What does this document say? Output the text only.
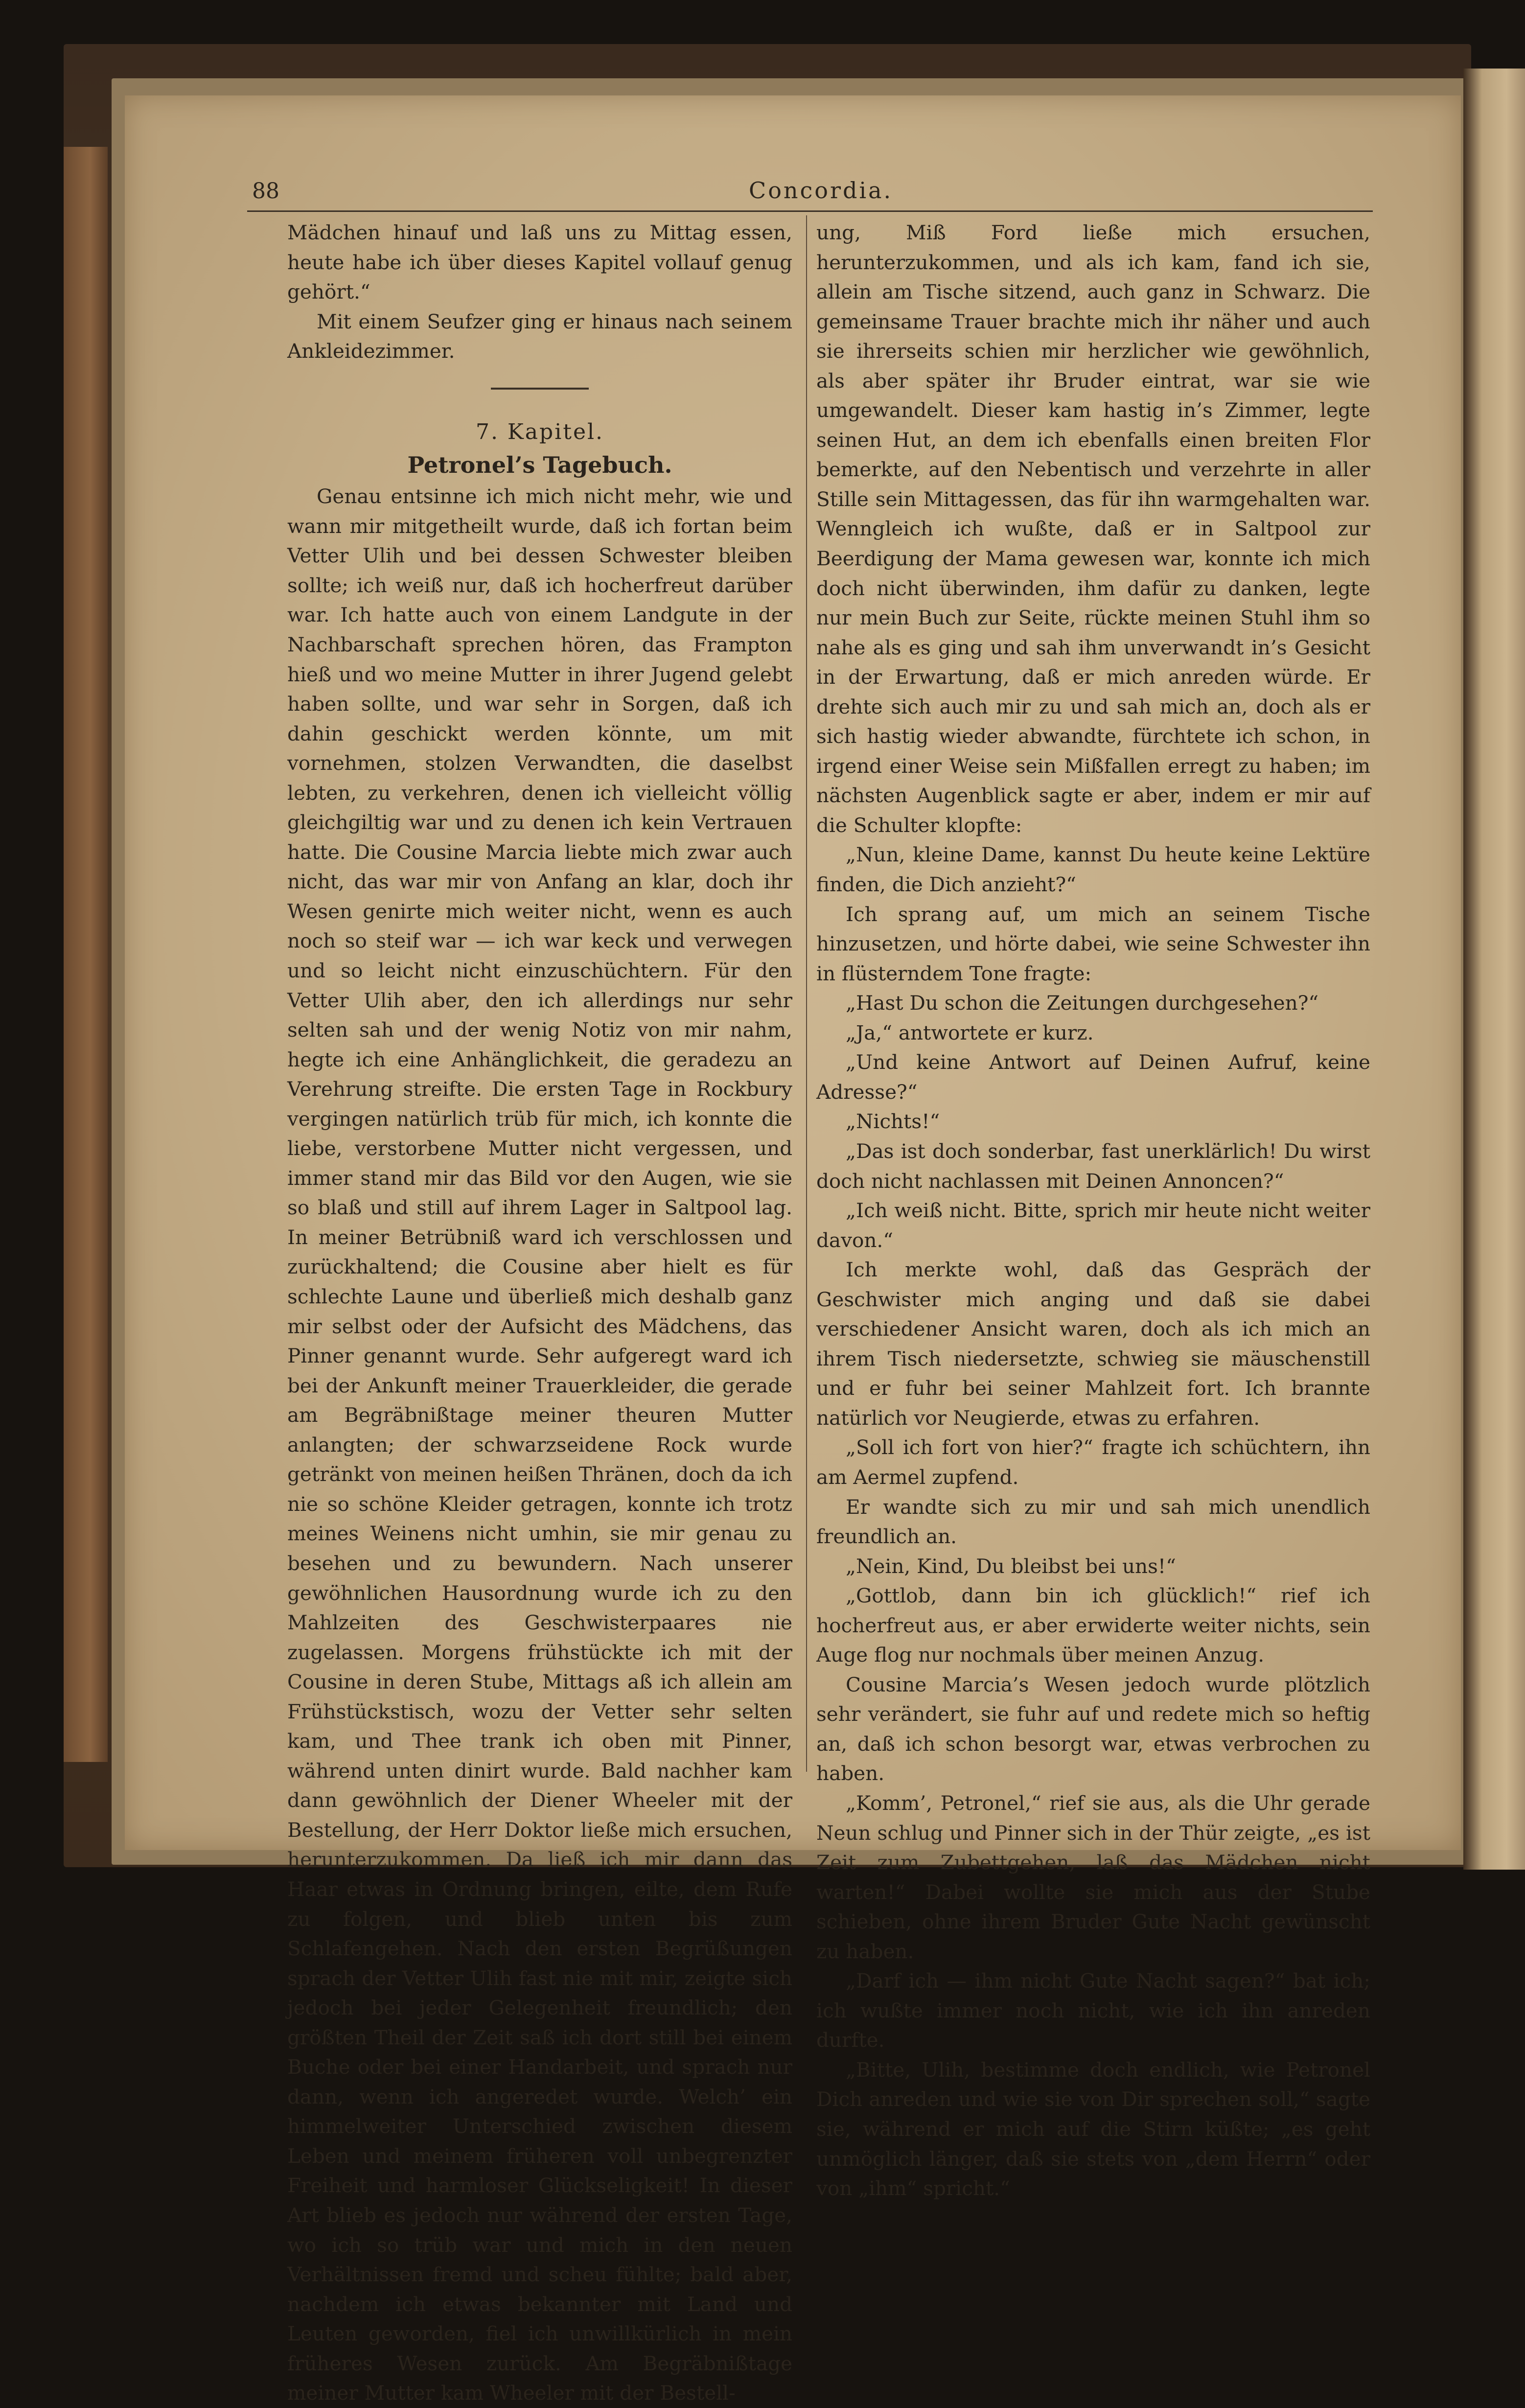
88	Concordia.

Mädchen hinauf und laß uns zu Mittag essen, heute habe ich über dieses Kapitel vollauf genug gehört.“

Mit einem Seufzer ging er hinaus nach seinem Ankleidezimmer.

7. Kapitel.

Petronel’s Tagebuch.

Genau entsinne ich mich nicht mehr, wie und wann mir mitgetheilt wurde, daß ich fortan beim Vetter Ulih und bei dessen Schwester bleiben sollte; ich weiß nur, daß ich hocherfreut darüber war. Ich hatte auch von einem Landgute in der Nachbarschaft sprechen hören, das Frampton hieß und wo meine Mutter in ihrer Jugend gelebt haben sollte, und war sehr in Sorgen, daß ich dahin geschickt werden könnte, um mit vornehmen, stolzen Verwandten, die daselbst lebten, zu verkehren, denen ich vielleicht völlig gleichgiltig war und zu denen ich kein Vertrauen hatte. Die Cousine Marcia liebte mich zwar auch nicht, das war mir von Anfang an klar, doch ihr Wesen genirte mich weiter nicht, wenn es auch noch so steif war — ich war keck und verwegen und so leicht nicht einzuschüchtern. Für den Vetter Ulih aber, den ich allerdings nur sehr selten sah und der wenig Notiz von mir nahm, hegte ich eine Anhänglichkeit, die geradezu an Verehrung streifte. Die ersten Tage in Rockbury vergingen natürlich trüb für mich, ich konnte die liebe, verstorbene Mutter nicht vergessen, und immer stand mir das Bild vor den Augen, wie sie so blaß und still auf ihrem Lager in Saltpool lag. In meiner Betrübniß ward ich verschlossen und zurückhaltend; die Cousine aber hielt es für schlechte Laune und überließ mich deshalb ganz mir selbst oder der Aufsicht des Mädchens, das Pinner genannt wurde. Sehr aufgeregt ward ich bei der Ankunft meiner Trauerkleider, die gerade am Begräbnißtage meiner theuren Mutter anlangten; der schwarzseidene Rock wurde getränkt von meinen heißen Thränen, doch da ich nie so schöne Kleider getragen, konnte ich trotz meines Weinens nicht umhin, sie mir genau zu besehen und zu bewundern. Nach unserer gewöhnlichen Hausordnung wurde ich zu den Mahlzeiten des Geschwisterpaares nie zugelassen. Morgens frühstückte ich mit der Cousine in deren Stube, Mittags aß ich allein am Frühstückstisch, wozu der Vetter sehr selten kam, und Thee trank ich oben mit Pinner, während unten dinirt wurde. Bald nachher kam dann gewöhnlich der Diener Wheeler mit der Bestellung, der Herr Doktor ließe mich ersuchen, herunterzukommen. Da ließ ich mir dann das Haar etwas in Ordnung bringen, eilte, dem Rufe zu folgen, und blieb unten bis zum Schlafengehen. Nach den ersten Begrüßungen sprach der Vetter Ulih fast nie mit mir, zeigte sich jedoch bei jeder Gelegenheit freundlich; den größten Theil der Zeit saß ich dort still bei einem Buche oder bei einer Handarbeit, und sprach nur dann, wenn ich angeredet wurde. Welch’ ein himmelweiter Unterschied zwischen diesem Leben und meinem früheren voll unbegrenzter Freiheit und harmloser Glückseligkeit! In dieser Art blieb es jedoch nur während der ersten Tage, wo ich so trüb war und mich in den neuen Verhältnissen fremd und scheu fühlte; bald aber, nachdem ich etwas bekannter mit Land und Leuten geworden, fiel ich unwillkürlich in mein früheres Wesen zurück. Am Begräbnißtage meiner Mutter kam Wheeler mit der Bestell-

ung, Miß Ford ließe mich ersuchen, herunterzukommen, und als ich kam, fand ich sie, allein am Tische sitzend, auch ganz in Schwarz. Die gemeinsame Trauer brachte mich ihr näher und auch sie ihrerseits schien mir herzlicher wie gewöhnlich, als aber später ihr Bruder eintrat, war sie wie umgewandelt. Dieser kam hastig in’s Zimmer, legte seinen Hut, an dem ich ebenfalls einen breiten Flor bemerkte, auf den Nebentisch und verzehrte in aller Stille sein Mittagessen, das für ihn warmgehalten war. Wenngleich ich wußte, daß er in Saltpool zur Beerdigung der Mama gewesen war, konnte ich mich doch nicht überwinden, ihm dafür zu danken, legte nur mein Buch zur Seite, rückte meinen Stuhl ihm so nahe als es ging und sah ihm unverwandt in’s Gesicht in der Erwartung, daß er mich anreden würde. Er drehte sich auch mir zu und sah mich an, doch als er sich hastig wieder abwandte, fürchtete ich schon, in irgend einer Weise sein Mißfallen erregt zu haben; im nächsten Augenblick sagte er aber, indem er mir auf die Schulter klopfte:

„Nun, kleine Dame, kannst Du heute keine Lektüre finden, die Dich anzieht?“

Ich sprang auf, um mich an seinem Tische hinzusetzen, und hörte dabei, wie seine Schwester ihn in flüsterndem Tone fragte:

„Hast Du schon die Zeitungen durchgesehen?“

„Ja,“ antwortete er kurz.

„Und keine Antwort auf Deinen Aufruf, keine Adresse?“

„Nichts!“

„Das ist doch sonderbar, fast unerklärlich! Du wirst doch nicht nachlassen mit Deinen Annoncen?“

„Ich weiß nicht. Bitte, sprich mir heute nicht weiter davon.“

Ich merkte wohl, daß das Gespräch der Geschwister mich anging und daß sie dabei verschiedener Ansicht waren, doch als ich mich an ihrem Tisch niedersetzte, schwieg sie mäuschenstill und er fuhr bei seiner Mahlzeit fort. Ich brannte natürlich vor Neugierde, etwas zu erfahren.

„Soll ich fort von hier?“ fragte ich schüchtern, ihn am Aermel zupfend.

Er wandte sich zu mir und sah mich unendlich freundlich an.

„Nein, Kind, Du bleibst bei uns!“

„Gottlob, dann bin ich glücklich!“ rief ich hocherfreut aus, er aber erwiderte weiter nichts, sein Auge flog nur nochmals über meinen Anzug.

Cousine Marcia’s Wesen jedoch wurde plötzlich sehr verändert, sie fuhr auf und redete mich so heftig an, daß ich schon besorgt war, etwas verbrochen zu haben.

„Komm’, Petronel,“ rief sie aus, als die Uhr gerade Neun schlug und Pinner sich in der Thür zeigte, „es ist Zeit zum Zubettgehen, laß das Mädchen nicht warten!“ Dabei wollte sie mich aus der Stube schieben, ohne ihrem Bruder Gute Nacht gewünscht zu haben.

„Darf ich — ihm nicht Gute Nacht sagen?“ bat ich; ich wußte immer noch nicht, wie ich ihn anreden durfte.

„Bitte, Ulih, bestimme doch endlich, wie Petronel Dich anreden und wie sie von Dir sprechen soll,“ sagte sie, während er mich auf die Stirn küßte; „es geht unmöglich länger, daß sie stets von „dem Herrn“ oder von „ihm“ spricht.“
